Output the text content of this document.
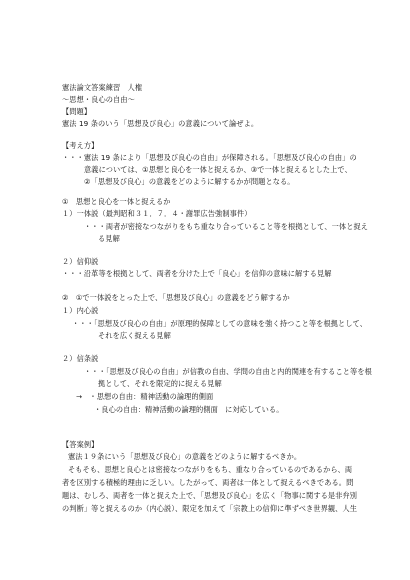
憲法論文答案練習　人権
～思想・良心の自由～
【問題】
憲法 19 条のいう「思想及び良心」の意義について論ぜよ。
【考え方】
・・・憲法 19 条により「思想及び良心の自由」が保障される。「思想及び良心の自由」の
意義については、①思想と良心を一体と捉えるか、③で一体と捉えるとした上で、
②「思想及び良心」の意義をどのように解するかが問題となる。
①　思想と良心を一体と捉えるか
１）一体説（最判昭和３１．７．４・謝罪広告強制事件）
・・・両者が密接なつながりをもち重なり合っていること等を根拠として、一体と捉え
る見解
２）信仰説
・・・沿革等を根拠として、両者を分けた上で「良心」を信仰の意味に解する見解
②　①で一体説をとった上で、「思想及び良心」の意義をどう解するか
１）内心説
・・・「思想及び良心の自由」が原理的保障としての意味を強く持つこと等を根拠として、
それを広く捉える見解
２）信条説
・・・「思想及び良心の自由」が信教の自由、学問の自由と内的関連を有すること等を根
拠として、それを限定的に捉える見解
→　・思想の自由：精神活動の論理的側面
・良心の自由：精神活動の論理的側面　に対応している。
【答案例】
憲法１９条にいう「思想及び良心」の意義をどのように解するべきか。
そもそも、思想と良心とは密接なつながりをもち、重なり合っているのであるから、両
者を区別する積極的理由に乏しい。したがって、両者は一体として捉えるべきである。問
題は、むしろ、両者を一体と捉えた上で、「思想及び良心」を広く「物事に関する是非弁別
の判断」等と捉えるのか（内心説）、限定を加えて「宗教上の信仰に準ずべき世界観、人生
